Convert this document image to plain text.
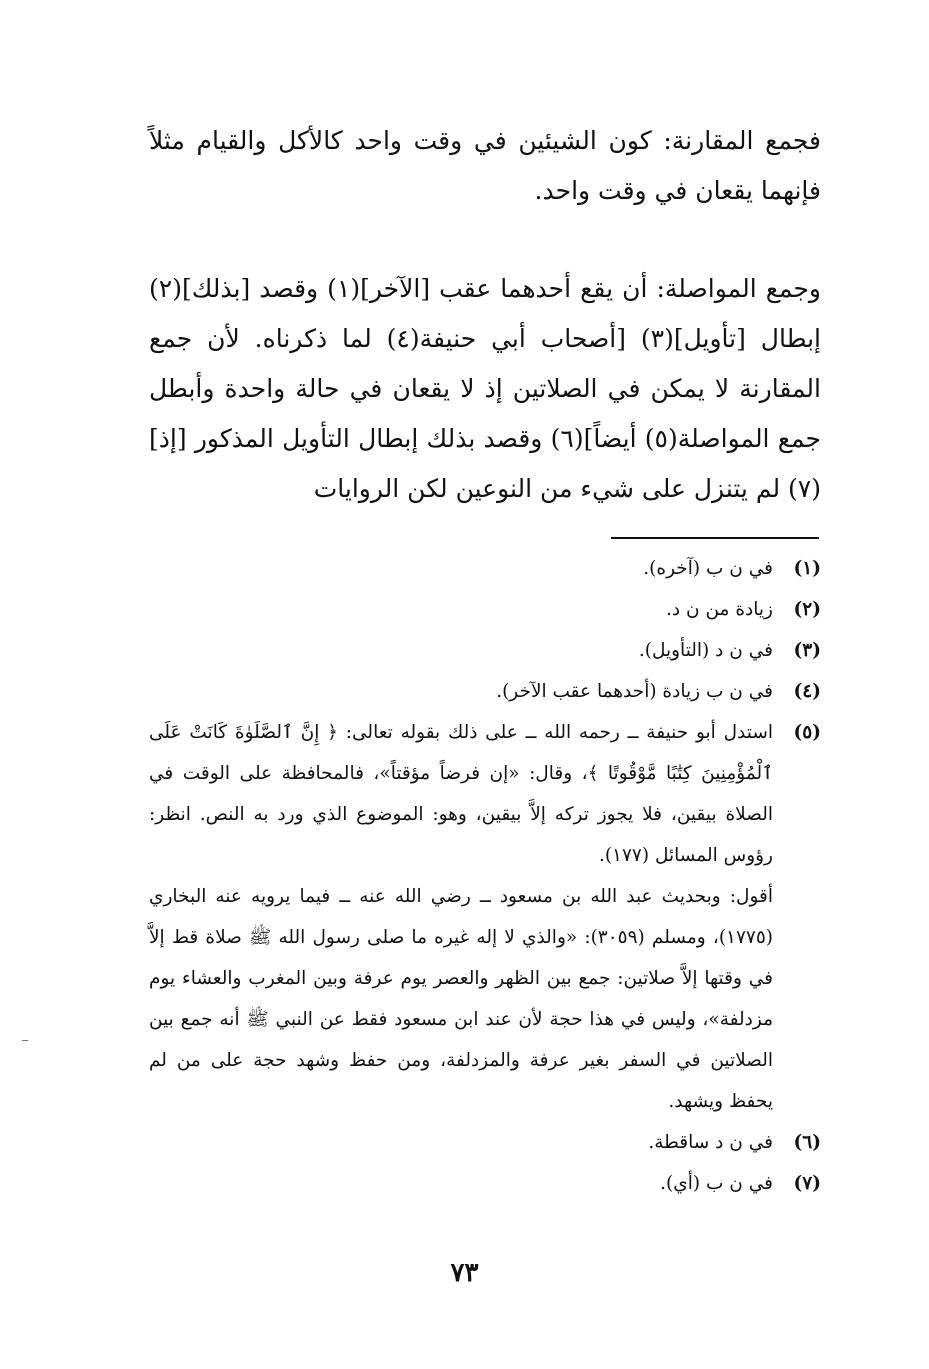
فجمع المقارنة: كون الشيئين في وقت واحد كالأكل والقيام مثلاً فإنهما يقعان في وقت واحد.
وجمع المواصلة: أن يقع أحدهما عقب [الآخر](١) وقصد [بذلك](٢) إبطال [تأويل](٣) [أصحاب أبي حنيفة(٤) لما ذكرناه. لأن جمع المقارنة لا يمكن في الصلاتين إذ لا يقعان في حالة واحدة وأبطل جمع المواصلة(٥) أيضاً](٦) وقصد بذلك إبطال التأويل المذكور [إذ](٧) لم يتنزل على شيء من النوعين لكن الروايات
(١)
في ن ب (آخره).
(٢)
زيادة من ن د.
(٣)
في ن د (التأويل).
(٤)
في ن ب زيادة (أحدهما عقب الآخر).
(٥)
استدل أبو حنيفة ــ رحمه الله ــ على ذلك بقوله تعالى: ﴿ إِنَّ ٱلصَّلَوٰةَ كَانَتْ عَلَى ٱلْمُؤْمِنِينَ كِتَٰبًا مَّوْقُوتًا ﴾، وقال: «إن فرضاً مؤقتاً»، فالمحافظة على الوقت في الصلاة بيقين، فلا يجوز تركه إلاَّ بيقين، وهو: الموضوع الذي ورد به النص. انظر: رؤوس المسائل (١٧٧).
أقول: وبحديث عبد الله بن مسعود ــ رضي الله عنه ــ فيما يرويه عنه البخاري (١٧٧٥)، ومسلم (٣٠٥٩): «والذي لا إله غيره ما صلى رسول الله ﷺ صلاة قط إلاَّ في وقتها إلاَّ صلاتين: جمع بين الظهر والعصر يوم عرفة وبين المغرب والعشاء يوم مزدلفة»، وليس في هذا حجة لأن عند ابن مسعود فقط عن النبي ﷺ أنه جمع بين الصلاتين في السفر بغير عرفة والمزدلفة، ومن حفظ وشهد حجة على من لم يحفظ ويشهد.
(٦)
في ن د ساقطة.
(٧)
في ن ب (أي).
٧٣
